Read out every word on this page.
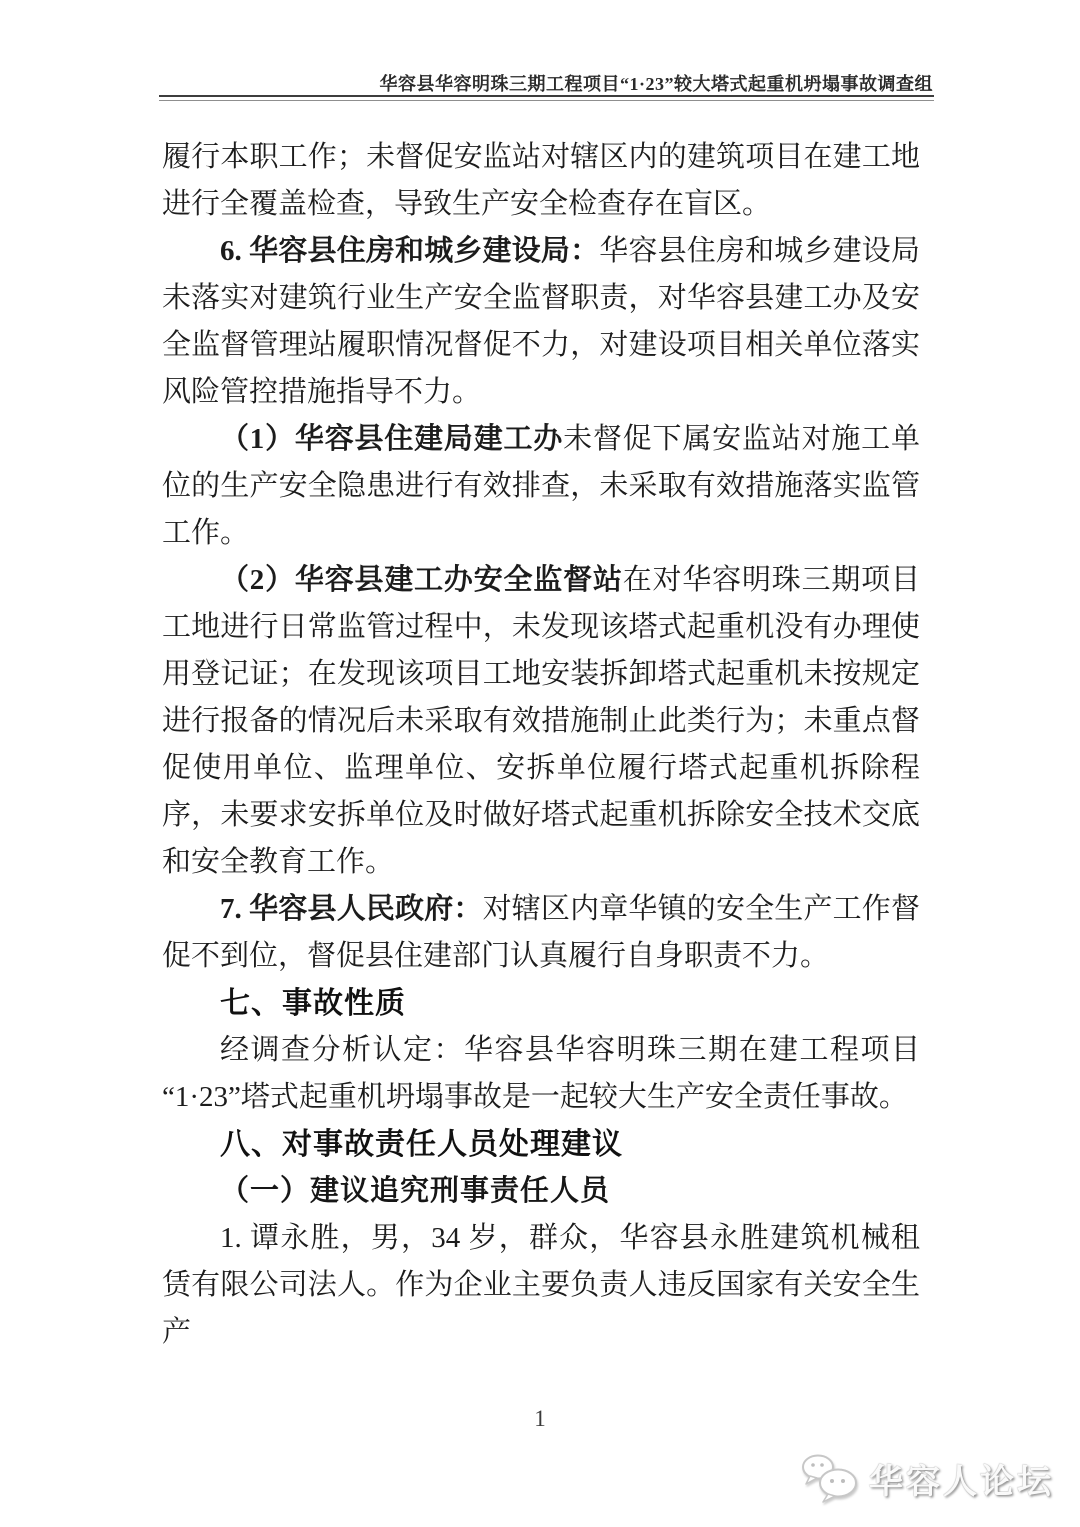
华容县华容明珠三期工程项目“1·23”较大塔式起重机坍塌事故调查组

履行本职工作；未督促安监站对辖区内的建筑项目在建工地进行全覆盖检查，导致生产安全检查存在盲区。

6. 华容县住房和城乡建设局：华容县住房和城乡建设局未落实对建筑行业生产安全监督职责，对华容县建工办及安全监督管理站履职情况督促不力，对建设项目相关单位落实风险管控措施指导不力。

（1）华容县住建局建工办未督促下属安监站对施工单位的生产安全隐患进行有效排查，未采取有效措施落实监管工作。

（2）华容县建工办安全监督站在对华容明珠三期项目工地进行日常监管过程中，未发现该塔式起重机没有办理使用登记证；在发现该项目工地安装拆卸塔式起重机未按规定进行报备的情况后未采取有效措施制止此类行为；未重点督促使用单位、监理单位、安拆单位履行塔式起重机拆除程序，未要求安拆单位及时做好塔式起重机拆除安全技术交底和安全教育工作。

7. 华容县人民政府：对辖区内章华镇的安全生产工作督促不到位，督促县住建部门认真履行自身职责不力。

七、事故性质

经调查分析认定：华容县华容明珠三期在建工程项目“1·23”塔式起重机坍塌事故是一起较大生产安全责任事故。

八、对事故责任人员处理建议

（一）建议追究刑事责任人员

1. 谭永胜，男，34 岁，群众，华容县永胜建筑机械租赁有限公司法人。作为企业主要负责人违反国家有关安全生产

1
华容人论坛
